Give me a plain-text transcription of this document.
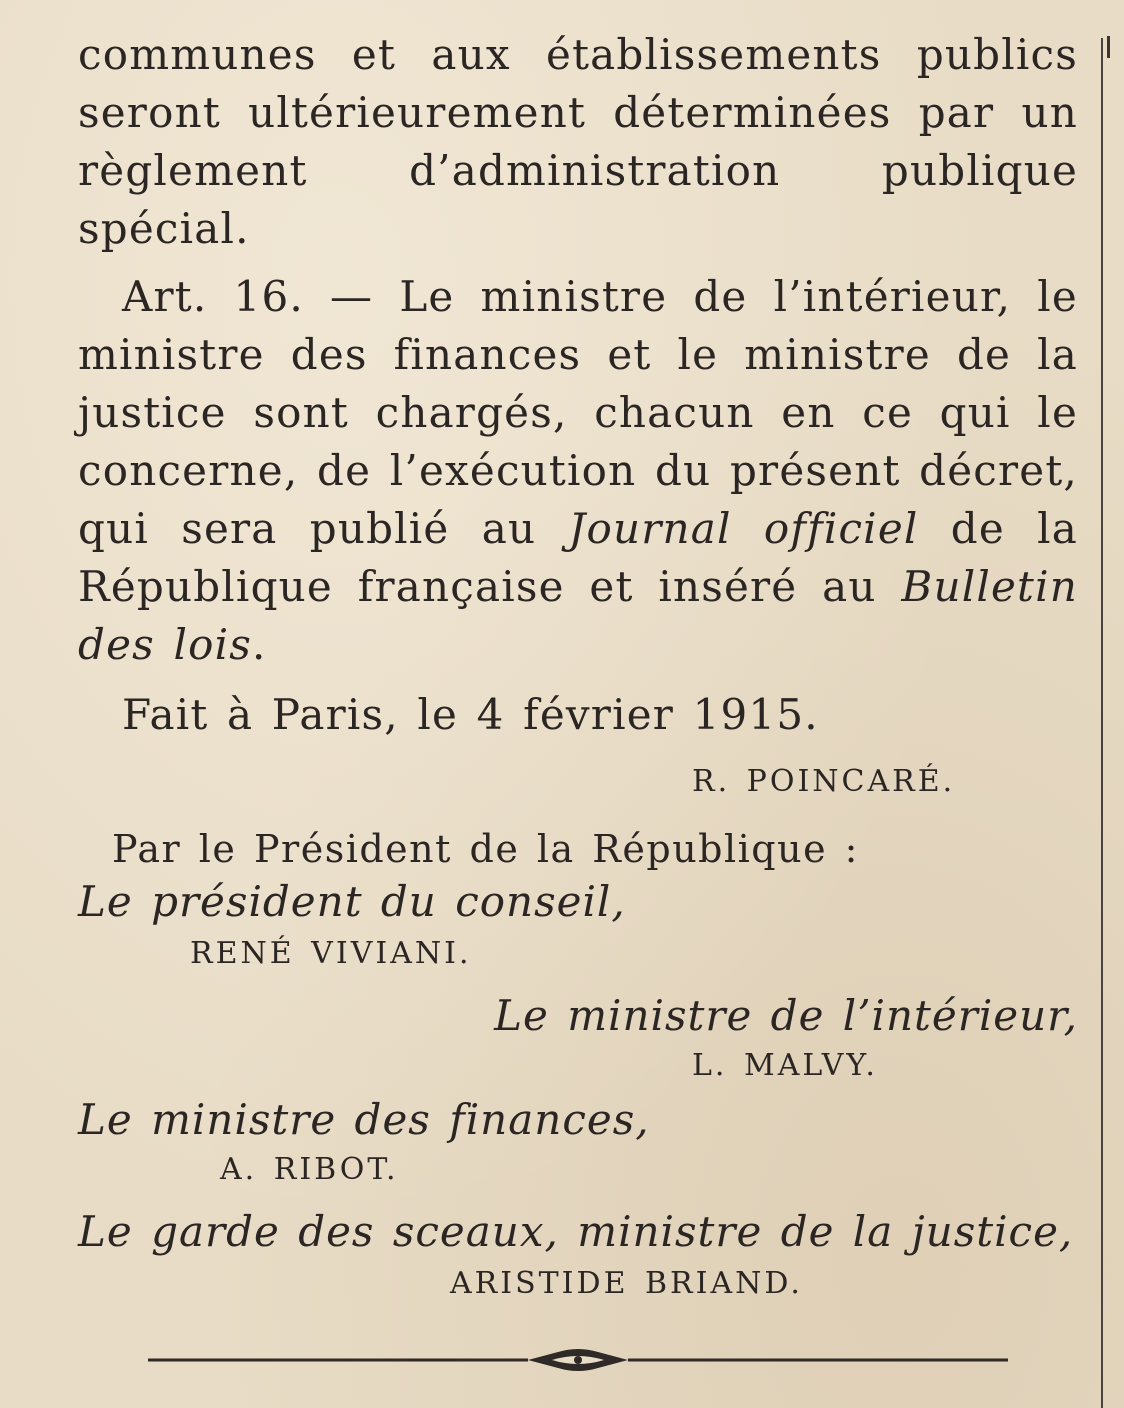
communes et aux établissements publics seront ultérieurement déterminées par un règlement d’administration publique spécial.

Art. 16. — Le ministre de l’intérieur, le ministre des finances et le ministre de la justice sont chargés, chacun en ce qui le concerne, de l’exécution du présent décret, qui sera publié au Journal officiel de la République française et inséré au Bulletin des lois.

Fait à Paris, le 4 février 1915.

R. POINCARÉ.
Par le Président de la République :
Le président du conseil,
RENÉ VIVIANI.
Le ministre de l’intérieur,
L. MALVY.
Le ministre des finances,
A. RIBOT.
Le garde des sceaux, ministre de la justice,
ARISTIDE BRIAND.
